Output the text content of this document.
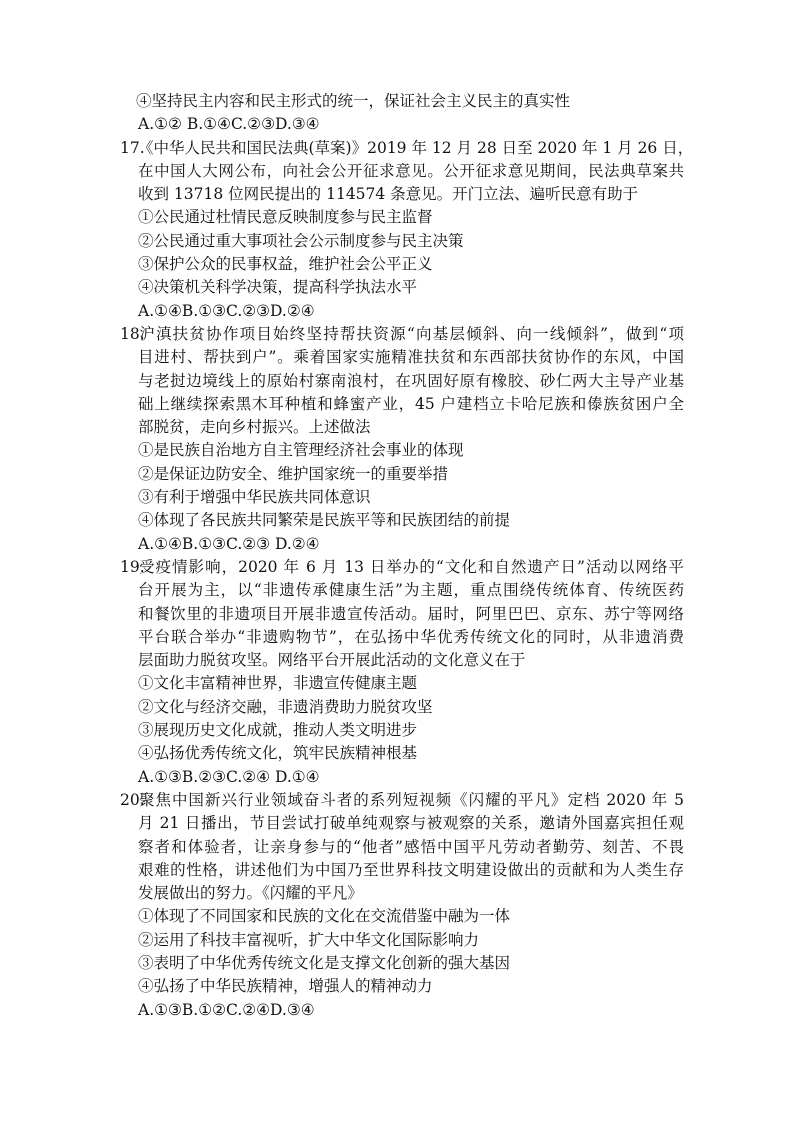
④坚持民主内容和民主形式的统一，保证社会主义民主的真实性
A.①② B.①④C.②③D.③④
17.《中华人民共和国民法典(草案)》2019 年 12 月 28 日至 2020 年 1 月 26 日，
在中国人大网公布，向社会公开征求意见。公开征求意见期间，民法典草案共
收到 13718 位网民提出的 114574 条意见。开门立法、遍听民意有助于
①公民通过杜情民意反映制度参与民主监督
②公民通过重大事项社会公示制度参与民主决策
③保护公众的民事权益，维护社会公平正义
④决策机关科学决策，提高科学执法水平
A.①④B.①③C.②③D.②④
18.沪滇扶贫协作项目始终坚持帮扶资源“向基层倾斜、向一线倾斜”，做到“项
目进村、帮扶到户”。乘着国家实施精准扶贫和东西部扶贫协作的东风，中国
与老挝边境线上的原始村寨南浪村，在巩固好原有橡胶、砂仁两大主导产业基
础上继续探索黑木耳种植和蜂蜜产业，45 户建档立卡哈尼族和傣族贫困户全
部脱贫，走向乡村振兴。上述做法
①是民族自治地方自主管理经济社会事业的体现
②是保证边防安全、维护国家统一的重要举措
③有利于增强中华民族共同体意识
④体现了各民族共同繁荣是民族平等和民族团结的前提
A.①④B.①③C.②③ D.②④
19.受疫情影响，2020 年 6 月 13 日举办的“文化和自然遗产日”活动以网络平
台开展为主，以“非遗传承健康生活”为主题，重点围绕传统体育、传统医药
和餐饮里的非遗项目开展非遗宣传活动。届时，阿里巴巴、京东、苏宁等网络
平台联合举办“非遗购物节”，在弘扬中华优秀传统文化的同时，从非遗消费
层面助力脱贫攻坚。网络平台开展此活动的文化意义在于
①文化丰富精神世界，非遗宣传健康主题
②文化与经济交融，非遗消费助力脱贫攻坚
③展现历史文化成就，推动人类文明进步
④弘扬优秀传统文化，筑牢民族精神根基
A.①③B.②③C.②④ D.①④
20.聚焦中国新兴行业领域奋斗者的系列短视频《闪耀的平凡》定档 2020 年 5
月 21 日播出，节目尝试打破单纯观察与被观察的关系，邀请外国嘉宾担任观
察者和体验者，让亲身参与的“他者”感悟中国平凡劳动者勤劳、刻苦、不畏
艰难的性格，讲述他们为中国乃至世界科技文明建设做出的贡献和为人类生存
发展做出的努力。《闪耀的平凡》
①体现了不同国家和民族的文化在交流借鉴中融为一体
②运用了科技丰富视听，扩大中华文化国际影响力
③表明了中华优秀传统文化是支撑文化创新的强大基因
④弘扬了中华民族精神，增强人的精神动力
A.①③B.①②C.②④D.③④
